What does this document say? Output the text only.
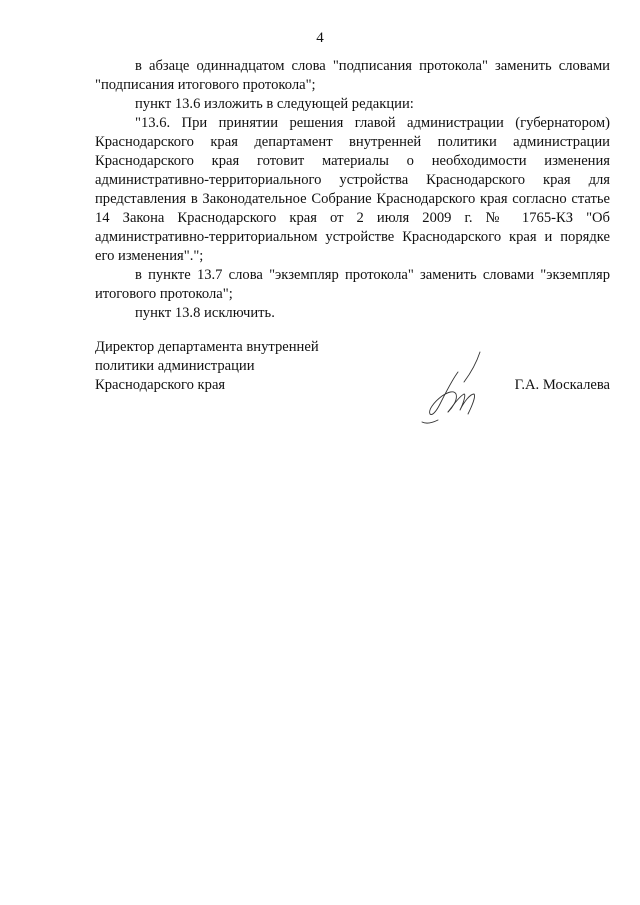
4

в абзаце одиннадцатом слова "подписания протокола" заменить словами "подписания итогового протокола";

пункт 13.6 изложить в следующей редакции:

"13.6. При принятии решения главой администрации (губернатором) Краснодарского края департамент внутренней политики администрации Краснодарского края готовит материалы о необходимости изменения административно-территориального устройства Краснодарского края для представления в Законодательное Собрание Краснодарского края согласно статье 14 Закона Краснодарского края от 2 июля 2009 г. № 1765-КЗ "Об административно-территориальном устройстве Краснодарского края и порядке его изменения".";

в пункте 13.7 слова "экземпляр протокола" заменить словами "экземпляр итогового протокола";

пункт 13.8 исключить.

Директор департамента внутренней
политики администрации
Краснодарского края	Г.А. Москалева
